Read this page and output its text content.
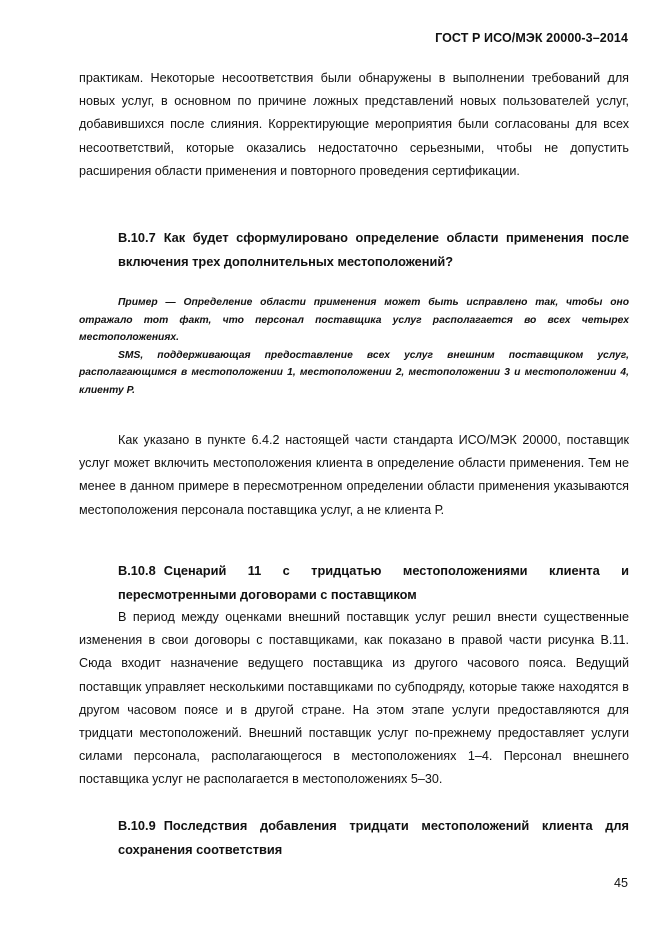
ГОСТ Р ИСО/МЭК 20000-3–2014

практикам. Некоторые несоответствия были обнаружены в выполнении требований для новых услуг, в основном по причине ложных представлений новых пользователей услуг, добавившихся после слияния. Корректирующие мероприятия были согласованы для всех несоответствий, которые оказались недостаточно серьезными, чтобы не допустить расширения области применения и повторного проведения сертификации.

В.10.7 Как будет сформулировано определение области применения после включения трех дополнительных местоположений?

Пример — Определение области применения может быть исправлено так, чтобы оно отражало тот факт, что персонал поставщика услуг располагается во всех четырех местоположениях.

SMS, поддерживающая предоставление всех услуг внешним поставщиком услуг, располагающимся в местоположении 1, местоположении 2, местоположении 3 и местоположении 4, клиенту Р.

Как указано в пункте 6.4.2 настоящей части стандарта ИСО/МЭК 20000, поставщик услуг может включить местоположения клиента в определение области применения. Тем не менее в данном примере в пересмотренном определении области применения указываются местоположения персонала поставщика услуг, а не клиента Р.

В.10.8 Сценарий 11 с тридцатью местоположениями клиента и пересмотренными договорами с поставщиком

В период между оценками внешний поставщик услуг решил внести существенные изменения в свои договоры с поставщиками, как показано в правой части рисунка В.11. Сюда входит назначение ведущего поставщика из другого часового пояса. Ведущий поставщик управляет несколькими поставщиками по субподряду, которые также находятся в другом часовом поясе и в другой стране. На этом этапе услуги предоставляются для тридцати местоположений. Внешний поставщик услуг по-прежнему предоставляет услуги силами персонала, располагающегося в местоположениях 1–4. Персонал внешнего поставщика услуг не располагается в местоположениях 5–30.

В.10.9 Последствия добавления тридцати местоположений клиента для сохранения соответствия

45
